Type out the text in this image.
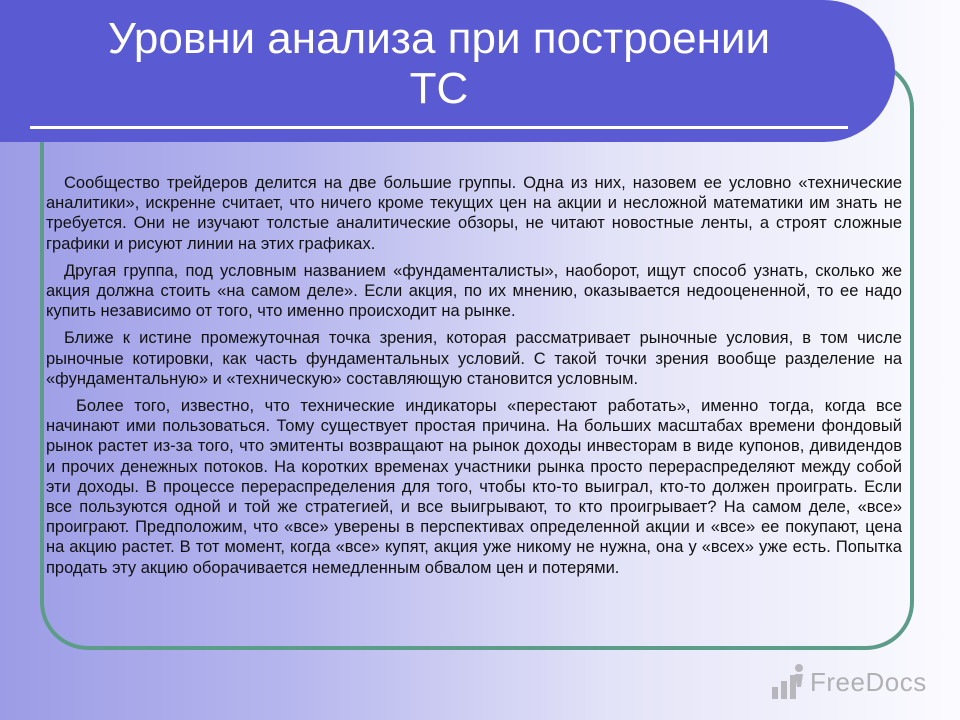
Уровни анализа при построении
ТС

Сообщество трейдеров делится на две большие группы. Одна из них, назовем ее условно «технические аналитики», искренне считает, что ничего кроме текущих цен на акции и несложной математики им знать не требуется. Они не изучают толстые аналитические обзоры, не читают новостные ленты, а строят сложные графики и рисуют линии на этих графиках.

Другая группа, под условным названием «фундаменталисты», наоборот, ищут способ узнать, сколько же акция должна стоить «на самом деле». Если акция, по их мнению, оказывается недооцененной, то ее надо купить независимо от того, что именно происходит на рынке.

Ближе к истине промежуточная точка зрения, которая рассматривает рыночные условия, в том числе рыночные котировки, как часть фундаментальных условий. С такой точки зрения вообще разделение на «фундаментальную» и «техническую» составляющую становится условным.

Более того, известно, что технические индикаторы «перестают работать», именно тогда, когда все начинают ими пользоваться. Тому существует простая причина. На больших масштабах времени фондовый рынок растет из-за того, что эмитенты возвращают на рынок доходы инвесторам в виде купонов, дивидендов и прочих денежных потоков. На коротких временах участники рынка просто перераспределяют между собой эти доходы. В процессе перераспределения для того, чтобы кто-то выиграл, кто-то должен проиграть. Если все пользуются одной и той же стратегией, и все выигрывают, то кто проигрывает? На самом деле, «все» проиграют. Предположим, что «все» уверены в перспективах определенной акции и «все» ее покупают, цена на акцию растет. В тот момент, когда «все» купят, акция уже никому не нужна, она у «всех» уже есть. Попытка продать эту акцию оборачивается немедленным обвалом цен и потерями.

FreeDocs
